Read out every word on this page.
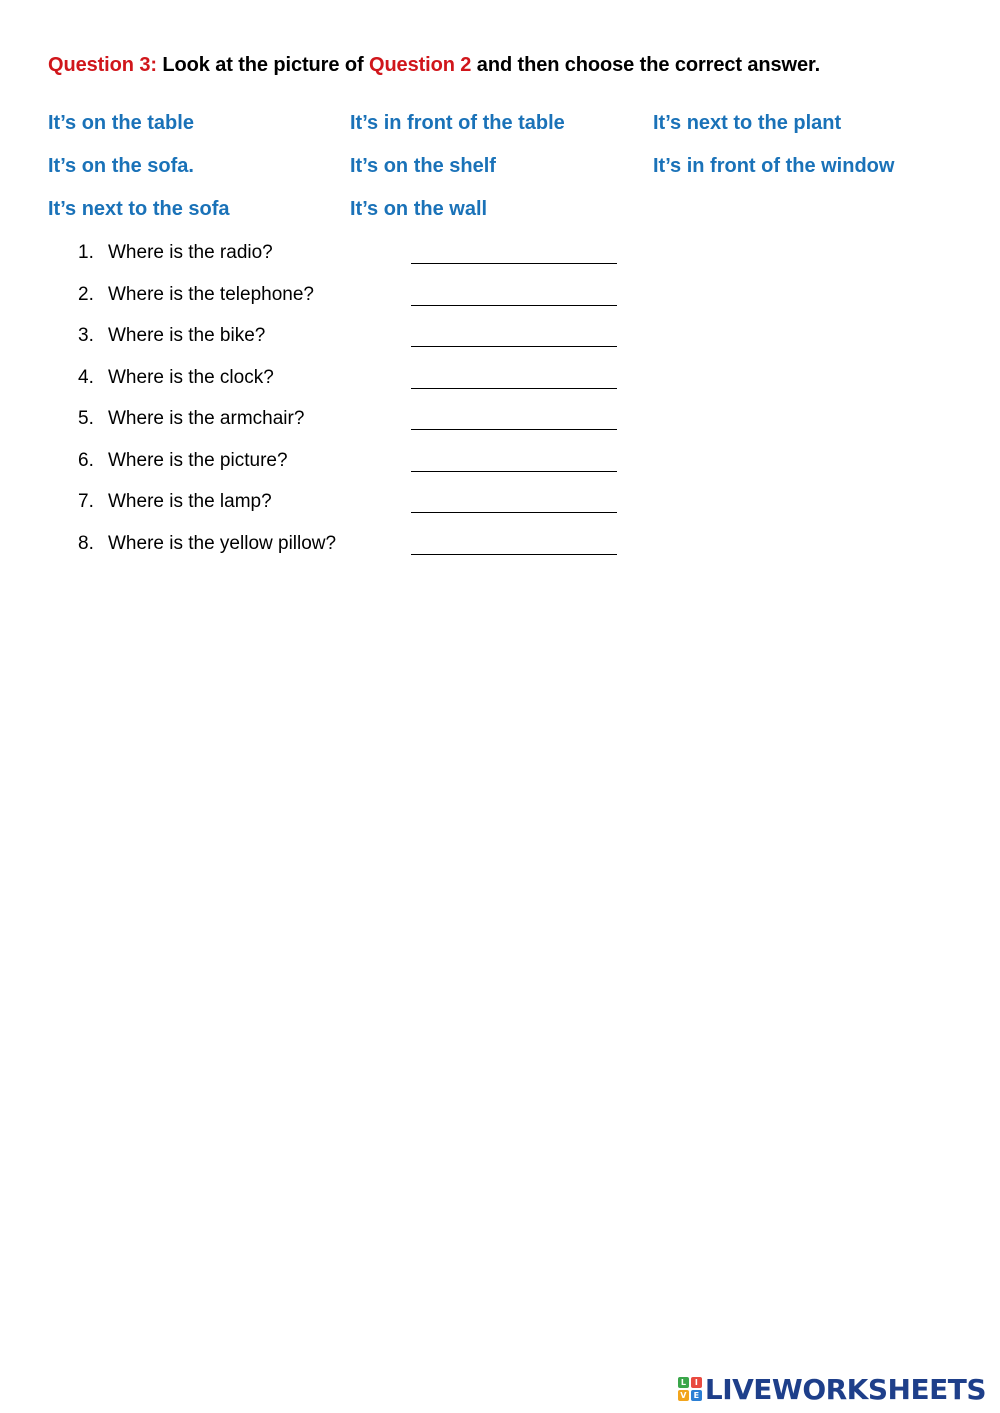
Question 3: Look at the picture of Question 2 and then choose the correct answer.
It’s on the table	It’s in front of the table	It’s next to the plant
It’s on the sofa.	It’s on the shelf	It’s in front of the window
It’s next to the sofa	It’s on the wall
1. Where is the radio?
2. Where is the telephone?
3. Where is the bike?
4. Where is the clock?
5. Where is the armchair?
6. Where is the picture?
7. Where is the lamp?
8. Where is the yellow pillow?
L	I
V E LIVEWORKSHEETS
